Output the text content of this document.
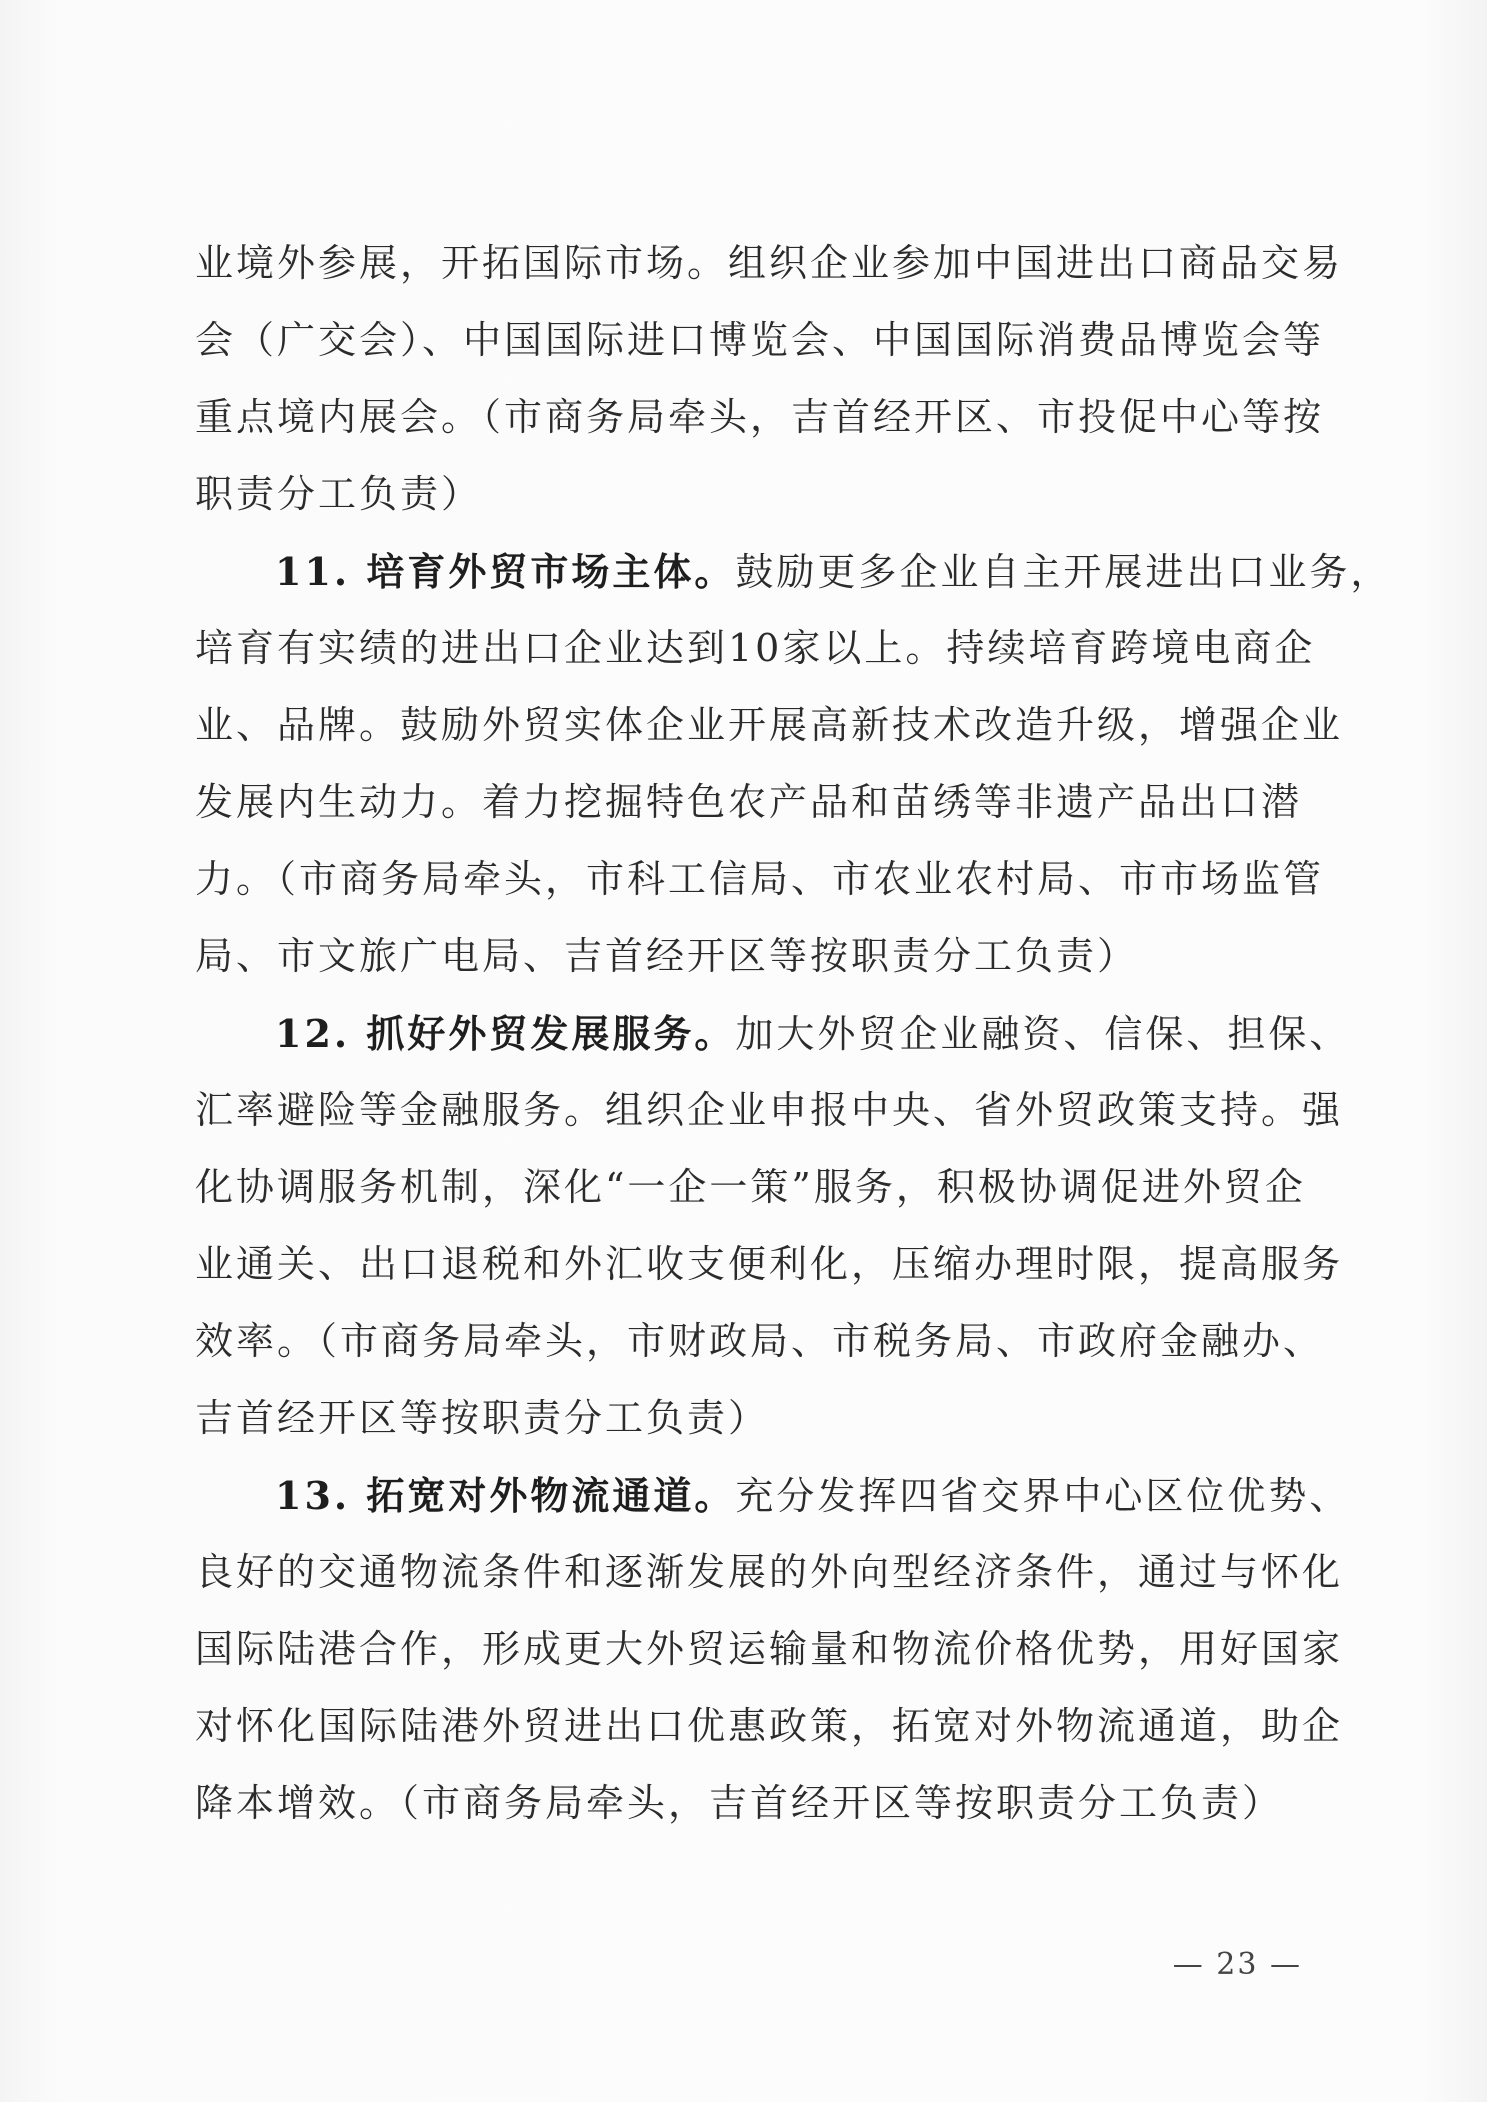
业境外参展，开拓国际市场。组织企业参加中国进出口商品交易
会（广交会）、中国国际进口博览会、中国国际消费品博览会等
重点境内展会。（市商务局牵头，吉首经开区、市投促中心等按
职责分工负责）
11. 培育外贸市场主体。鼓励更多企业自主开展进出口业务，
培育有实绩的进出口企业达到10家以上。持续培育跨境电商企
业、品牌。鼓励外贸实体企业开展高新技术改造升级，增强企业
发展内生动力。着力挖掘特色农产品和苗绣等非遗产品出口潜
力。（市商务局牵头，市科工信局、市农业农村局、市市场监管
局、市文旅广电局、吉首经开区等按职责分工负责）
12. 抓好外贸发展服务。加大外贸企业融资、信保、担保、
汇率避险等金融服务。组织企业申报中央、省外贸政策支持。强
化协调服务机制，深化“一企一策”服务，积极协调促进外贸企
业通关、出口退税和外汇收支便利化，压缩办理时限，提高服务
效率。（市商务局牵头，市财政局、市税务局、市政府金融办、
吉首经开区等按职责分工负责）
13. 拓宽对外物流通道。充分发挥四省交界中心区位优势、
良好的交通物流条件和逐渐发展的外向型经济条件，通过与怀化
国际陆港合作，形成更大外贸运输量和物流价格优势，用好国家
对怀化国际陆港外贸进出口优惠政策，拓宽对外物流通道，助企
降本增效。（市商务局牵头，吉首经开区等按职责分工负责）
— 23 —
